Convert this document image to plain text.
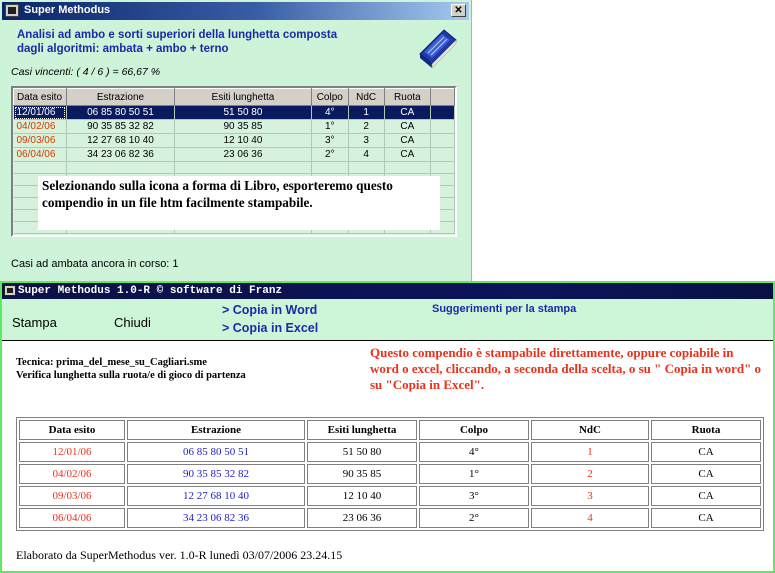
Super Methodus	✕
Analisi ad ambo e sorti superiori della lunghetta composta dagli algoritmi: ambata + ambo + terno
Casi vincenti: ( 4 / 6 ) = 66,67 %
Data esito	Estrazione	Esiti lunghetta	Colpo	NdC	Ruota	
12/01/06	06 85 80 50 51	51 50 80	4°	1	CA	
04/02/06	90 35 85 32 82	90 35 85	1°	2	CA	
09/03/06	12 27 68 10 40	12 10 40	3°	3	CA	
06/04/06	34 23 06 82 36	23 06 36	2°	4	CA	

Selezionando sulla icona a forma di Libro, esporteremo questo compendio in un file htm facilmente stampabile.
Casi ad ambata ancora in corso: 1
Super Methodus 1.0-R © software di Franz
Stampa	Chiudi
> Copia in Word
> Copia in Excel
Suggerimenti per la stampa
Tecnica: prima_del_mese_su_Cagliari.sme
Verifica lunghetta sulla ruota/e di gioco di partenza
Questo compendio è stampabile direttamente, oppure copiabile in word o excel, cliccando, a seconda della scelta, o su " Copia in word" o su "Copia in Excel".
Data esito	Estrazione	Esiti lunghetta	Colpo	NdC	Ruota
12/01/06	06 85 80 50 51	51 50 80	4°	1	CA
04/02/06	90 35 85 32 82	90 35 85	1°	2	CA
09/03/06	12 27 68 10 40	12 10 40	3°	3	CA
06/04/06	34 23 06 82 36	23 06 36	2°	4	CA
Elaborato da SuperMethodus ver. 1.0-R lunedì 03/07/2006 23.24.15
